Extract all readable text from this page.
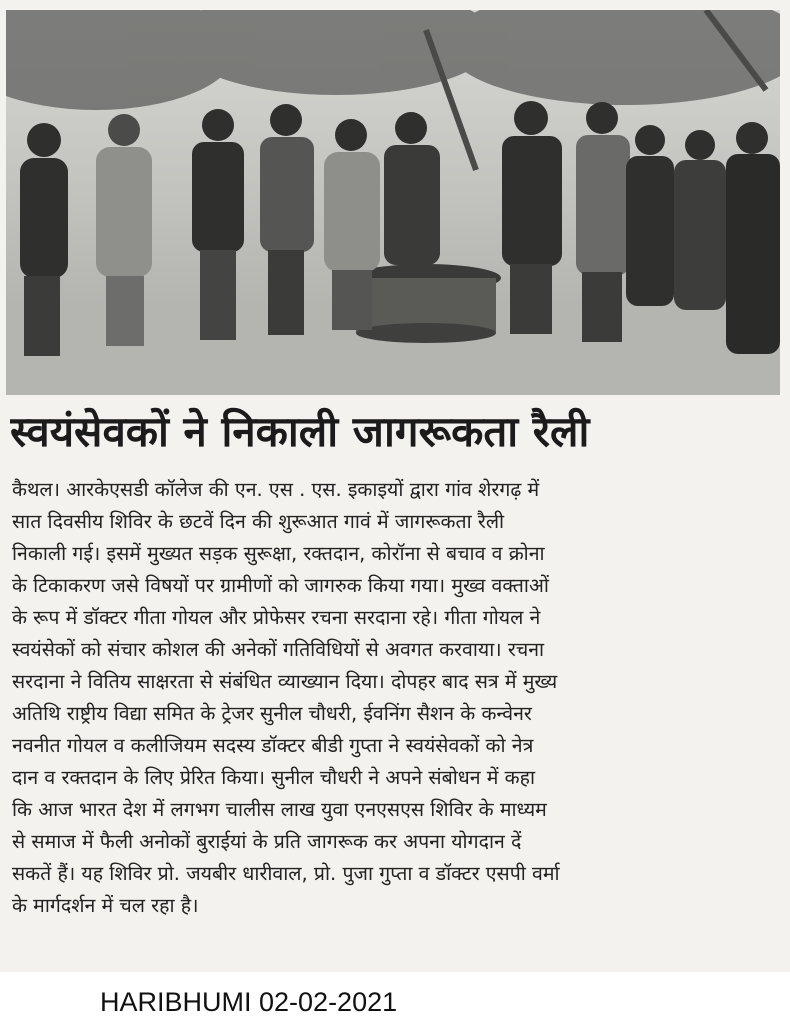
स्वयंसेवकों ने निकाली जागरूकता रैली
कैथल। आरकेएसडी कॉलेज की एन. एस . एस. इकाइयों द्वारा गांव शेरगढ़ में
सात दिवसीय शिविर के छटवें दिन की शुरूआत गावं में जागरूकता रैली
निकाली गई। इसमें मुख्यत सड़क सुरूक्षा, रक्तदान, कोरॉना से बचाव व क्रोना
के टिकाकरण जसे विषयों पर ग्रामीणों को जागरुक किया गया। मुख्व वक्ताओं
के रूप में डॉक्टर गीता गोयल और प्रोफेसर रचना सरदाना रहे। गीता गोयल ने
स्वयंसेकों को संचार कोशल की अनेकों गतिविधियों से अवगत करवाया। रचना
सरदाना ने वितिय साक्षरता से संबंधित व्याख्यान दिया। दोपहर बाद सत्र में मुख्य
अतिथि राष्ट्रीय विद्या समित के ट्रेजर सुनील चौधरी, ईवनिंग सैशन के कन्वेनर
नवनीत गोयल व कलीजियम सदस्य डॉक्टर बीडी गुप्ता ने स्वयंसेवकों को नेत्र
दान व रक्तदान के लिए प्रेरित किया। सुनील चौधरी ने अपने संबोधन में कहा
कि आज भारत देश में लगभग चालीस लाख युवा एनएसएस शिविर के माध्यम
से समाज में फैली अनोकों बुराईयां के प्रति जागरूक कर अपना योगदान दें
सकतें हैं। यह शिविर प्रो. जयबीर धारीवाल, प्रो. पुजा गुप्ता व डॉक्टर एसपी वर्मा
के मार्गदर्शन में चल रहा है।
HARIBHUMI 02-02-2021
